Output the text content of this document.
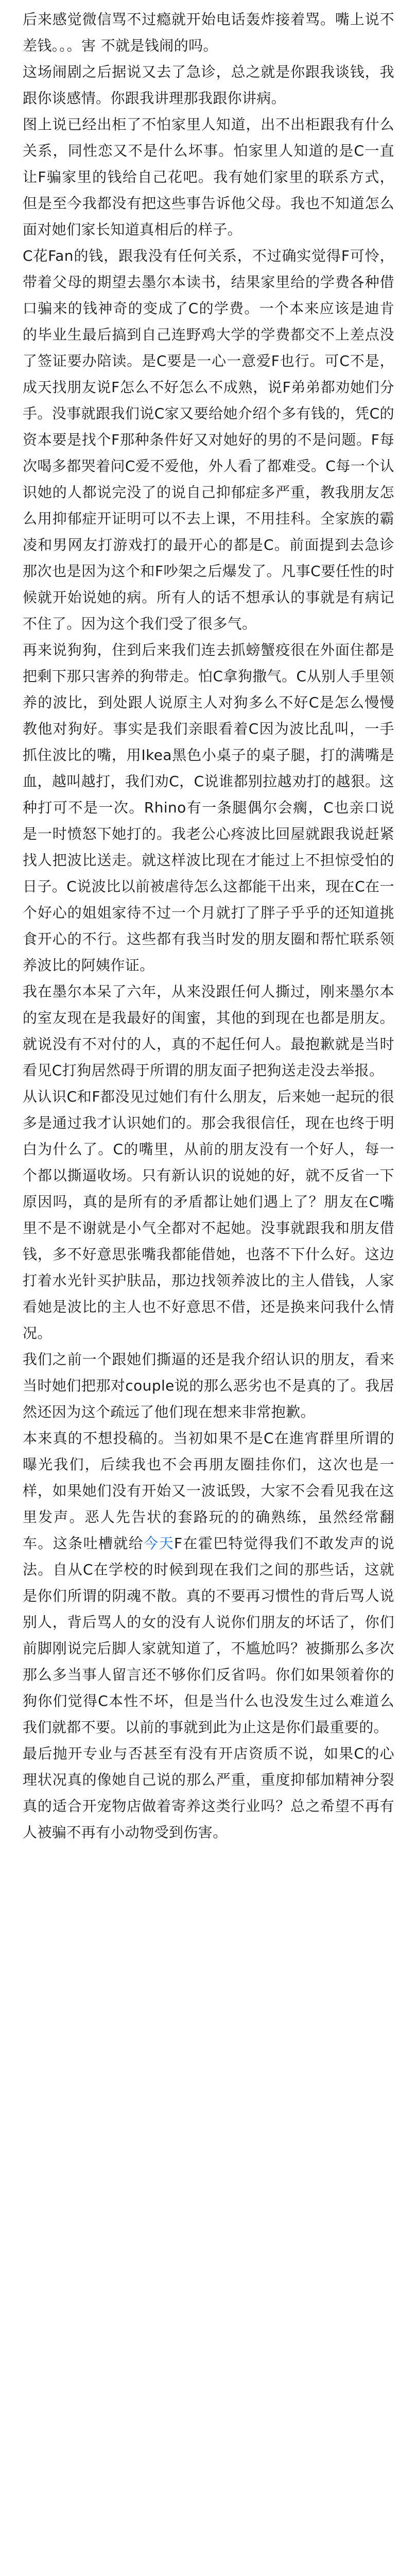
后来感觉微信骂不过瘾就开始电话轰炸接着骂。嘴上说不差钱。。。害 不就是钱闹的吗。

这场闹剧之后据说又去了急诊，总之就是你跟我谈钱，我跟你谈感情。你跟我讲理那我跟你讲病。

图上说已经出柜了不怕家里人知道，出不出柜跟我有什么关系，同性恋又不是什么坏事。怕家里人知道的是C一直让F骗家里的钱给自己花吧。我有她们家里的联系方式，但是至今我都没有把这些事告诉他父母。我也不知道怎么面对她们家长知道真相后的样子。

C花Fan的钱，跟我没有任何关系，不过确实觉得F可怜，带着父母的期望去墨尔本读书，结果家里给的学费各种借口骗来的钱神奇的变成了C的学费。一个本来应该是迪肯的毕业生最后搞到自己连野鸡大学的学费都交不上差点没了签证要办陪读。是C要是一心一意爱F也行。可C不是，成天找朋友说F怎么不好怎么不成熟，说F弟弟都劝她们分手。没事就跟我们说C家又要给她介绍个多有钱的，凭C的资本要是找个F那种条件好又对她好的男的不是问题。F每次喝多都哭着问C爱不爱他，外人看了都难受。C每一个认识她的人都说完没了的说自己抑郁症多严重，教我朋友怎么用抑郁症开证明可以不去上课，不用挂科。全家族的霸凌和男网友打游戏打的最开心的都是C。前面提到去急诊那次也是因为这个和F吵架之后爆发了。凡事C要任性的时候就开始说她的病。所有人的话不想承认的事就是有病记不住了。因为这个我们受了很多气。

再来说狗狗，住到后来我们连去抓螃蟹疫很在外面住都是把剩下那只害养的狗带走。怕C拿狗撒气。C从别人手里领养的波比，到处跟人说原主人对狗多么不好C是怎么慢慢教他对狗好。事实是我们亲眼看着C因为波比乱叫，一手抓住波比的嘴，用Ikea黑色小桌子的桌子腿，打的满嘴是血，越叫越打，我们劝C，C说谁都别拉越劝打的越狠。这种打可不是一次。Rhino有一条腿偶尔会瘸，C也亲口说是一时愤怒下她打的。我老公心疼波比回屋就跟我说赶紧找人把波比送走。就这样波比现在才能过上不担惊受怕的日子。C说波比以前被虐待怎么这都能干出来，现在C在一个好心的姐姐家待不过一个月就打了胖子乎乎的还知道挑食开心的不行。这些都有我当时发的朋友圈和帮忙联系领养波比的阿姨作证。

我在墨尔本呆了六年，从来没跟任何人撕过，刚来墨尔本的室友现在是我最好的闺蜜，其他的到现在也都是朋友。就说没有不对付的人，真的不起任何人。最抱歉就是当时看见C打狗居然碍于所谓的朋友面子把狗送走没去举报。

从认识C和F都没见过她们有什么朋友，后来她一起玩的很多是通过我才认识她们的。那会我很信任，现在也终于明白为什么了。C的嘴里，从前的朋友没有一个好人，每一个都以撕逼收场。只有新认识的说她的好，就不反省一下原因吗，真的是所有的矛盾都让她们遇上了？朋友在C嘴里不是不谢就是小气全都对不起她。没事就跟我和朋友借钱，多不好意思张嘴我都能借她，也落不下什么好。这边打着水光针买护肤品，那边找领养波比的主人借钱，人家看她是波比的主人也不好意思不借，还是换来问我什么情况。

我们之前一个跟她们撕逼的还是我介绍认识的朋友，看来当时她们把那对couple说的那么恶劣也不是真的了。我居然还因为这个疏远了他们现在想来非常抱歉。

本来真的不想投稿的。当初如果不是C在進宵群里所谓的曝光我们，后续我也不会再朋友圈挂你们，这次也是一样，如果她们没有开始又一波诋毁，大家不会看见我在这里发声。恶人先告状的套路玩的的确熟练，虽然经常翻车。这条吐槽就给今天F在霍巴特觉得我们不敢发声的说法。自从C在学校的时候到现在我们之间的那些话，这就是你们所谓的阴魂不散。真的不要再习惯性的背后骂人说别人，背后骂人的女的没有人说你们朋友的坏话了，你们前脚刚说完后脚人家就知道了，不尴尬吗？被撕那么多次那么多当事人留言还不够你们反省吗。你们如果领着你的狗你们觉得C本性不坏，但是当什么也没发生过么难道么我们就都不要。以前的事就到此为止这是你们最重要的。

最后抛开专业与否甚至有没有开店资质不说，如果C的心理状况真的像她自己说的那么严重，重度抑郁加精神分裂真的适合开宠物店做着寄养这类行业吗？总之希望不再有人被骗不再有小动物受到伤害。
